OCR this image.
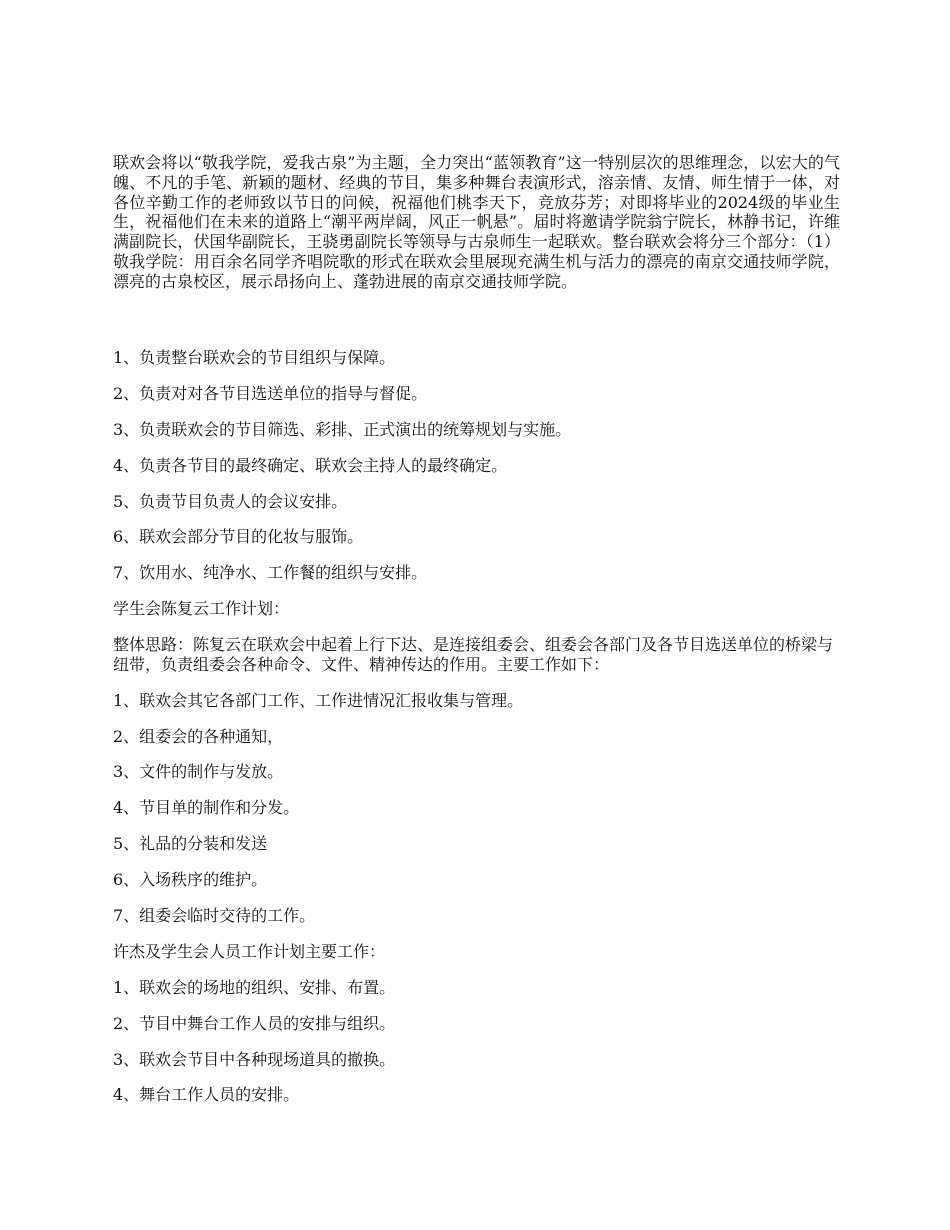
联欢会将以“敬我学院，爱我古泉”为主题，全力突出“蓝领教育”这一特别层次的思维理念，以宏大的气魄、不凡的手笔、新颖的题材、经典的节目，集多种舞台表演形式，溶亲情、友情、师生情于一体，对各位辛勤工作的老师致以节日的问候，祝福他们桃李天下，竞放芬芳；对即将毕业的2024级的毕业生生，祝福他们在未来的道路上“潮平两岸阔，风正一帆悬”。届时将邀请学院翁宁院长，林静书记，许维满副院长，伏国华副院长，王骁勇副院长等领导与古泉师生一起联欢。整台联欢会将分三个部分：（1）敬我学院：用百余名同学齐唱院歌的形式在联欢会里展现充满生机与活力的漂亮的南京交通技师学院，漂亮的古泉校区，展示昂扬向上、蓬勃进展的南京交通技师学院。

1、负责整台联欢会的节目组织与保障。

2、负责对对各节目选送单位的指导与督促。

3、负责联欢会的节目筛选、彩排、正式演出的统筹规划与实施。

4、负责各节目的最终确定、联欢会主持人的最终确定。

5、负责节目负责人的会议安排。

6、联欢会部分节目的化妆与服饰。

7、饮用水、纯净水、工作餐的组织与安排。

学生会陈复云工作计划：

整体思路：陈复云在联欢会中起着上行下达、是连接组委会、组委会各部门及各节目选送单位的桥梁与纽带，负责组委会各种命令、文件、精神传达的作用。主要工作如下：

1、联欢会其它各部门工作、工作进情况汇报收集与管理。

2、组委会的各种通知，

3、文件的制作与发放。

4、节目单的制作和分发。

5、礼品的分装和发送

6、入场秩序的维护。

7、组委会临时交待的工作。

许杰及学生会人员工作计划主要工作：

1、联欢会的场地的组织、安排、布置。

2、节目中舞台工作人员的安排与组织。

3、联欢会节目中各种现场道具的撤换。

4、舞台工作人员的安排。
